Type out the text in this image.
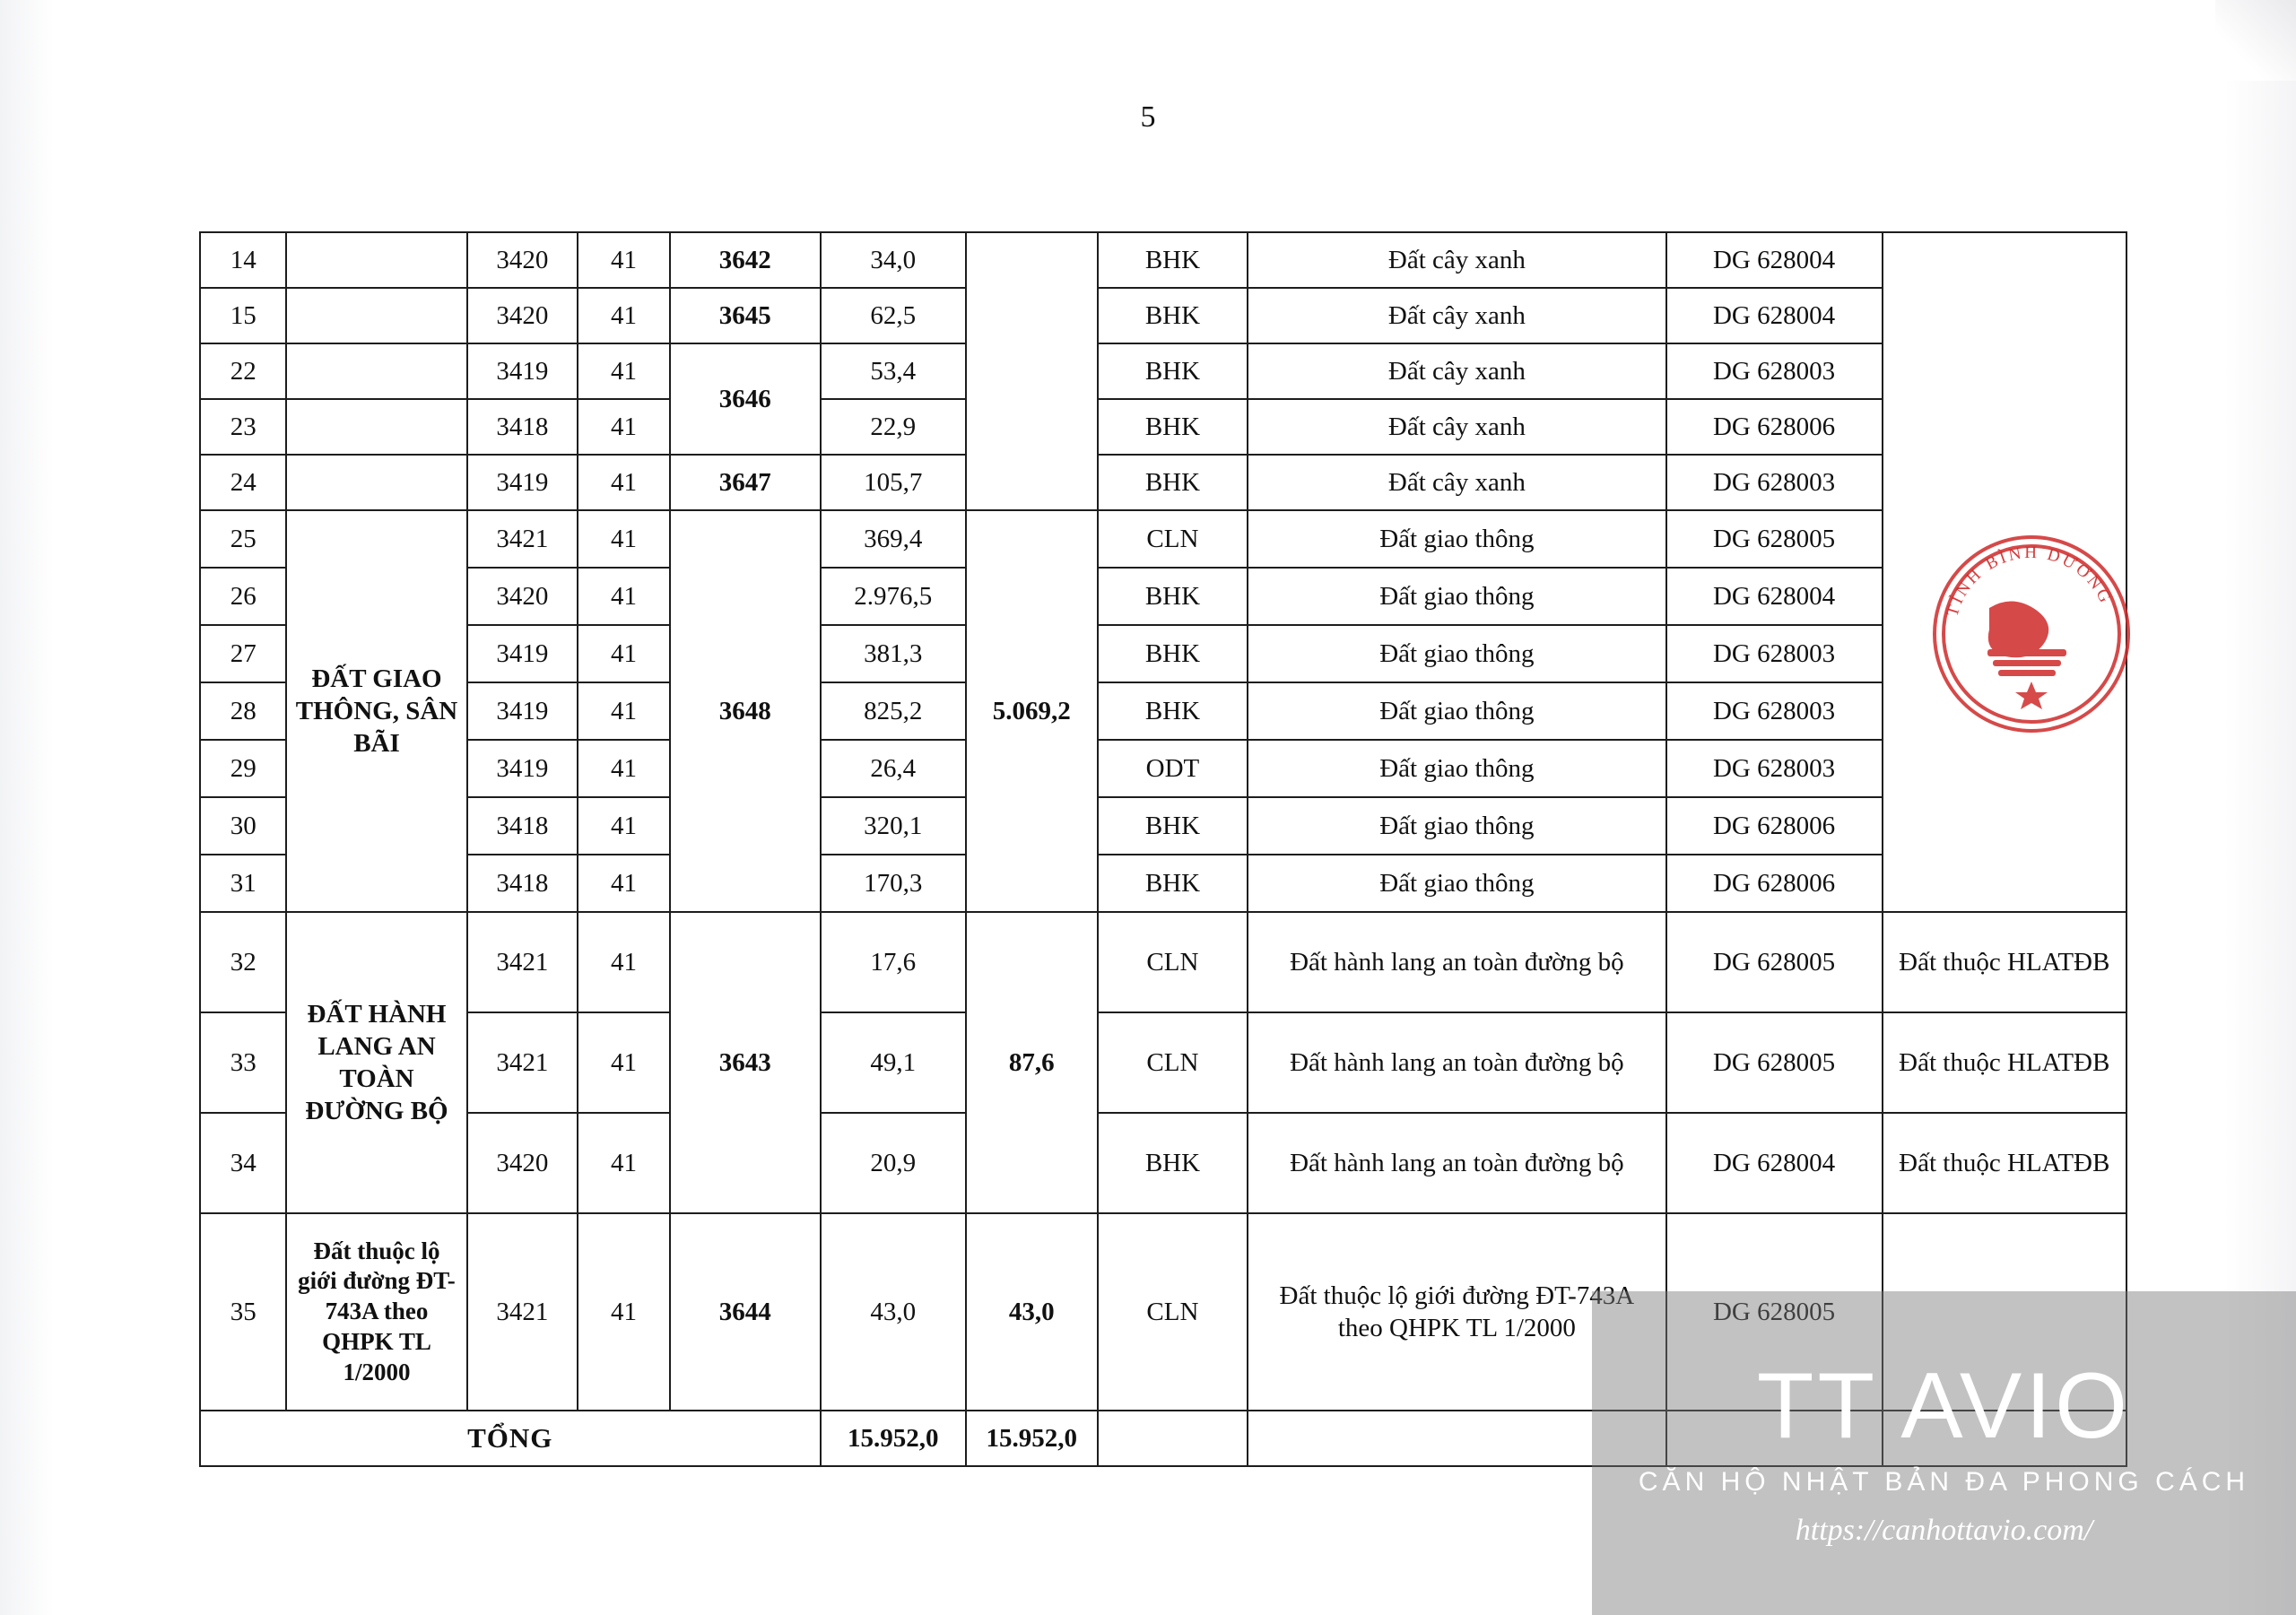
5
14		3420	41	3642	34,0		BHK	Đất cây xanh	DG 628004	
15		3420	41	3645	62,5		BHK	Đất cây xanh	DG 628004	
22		3419	41	3646	53,4		BHK	Đất cây xanh	DG 628003	
23		3418	41		22,9		BHK	Đất cây xanh	DG 628006	
24		3419	41	3647	105,7		BHK	Đất cây xanh	DG 628003	
25	ĐẤT GIAO THÔNG, SÂN BÃI	3421	41	3648	369,4	5.069,2	CLN	Đất giao thông	DG 628005	
26		3420	41		2.976,5		BHK	Đất giao thông	DG 628004	
27		3419	41		381,3		BHK	Đất giao thông	DG 628003	
28		3419	41		825,2		BHK	Đất giao thông	DG 628003	
29		3419	41		26,4		ODT	Đất giao thông	DG 628003	
30		3418	41		320,1		BHK	Đất giao thông	DG 628006	
31		3418	41		170,3		BHK	Đất giao thông	DG 628006	
32	ĐẤT HÀNH LANG AN TOÀN ĐƯỜNG BỘ	3421	41	3643	17,6	87,6	CLN	Đất hành lang an toàn đường bộ	DG 628005	Đất thuộc HLATĐB
33		3421	41		49,1		CLN	Đất hành lang an toàn đường bộ	DG 628005	Đất thuộc HLATĐB
34		3420	41		20,9		BHK	Đất hành lang an toàn đường bộ	DG 628004	Đất thuộc HLATĐB
35	Đất thuộc lộ giới đường ĐT-743A theo QHPK TL 1/2000	3421	41	3644	43,0	43,0	CLN	Đất thuộc lộ giới đường ĐT-743A theo QHPK TL 1/2000	DG 628005	
TỔNG					15.952,0	15.952,0				
TỈNH BÌNH DƯƠNG
TT AVIO
CĂN HỘ NHẬT BẢN ĐA PHONG CÁCH
https://canhottavio.com/
